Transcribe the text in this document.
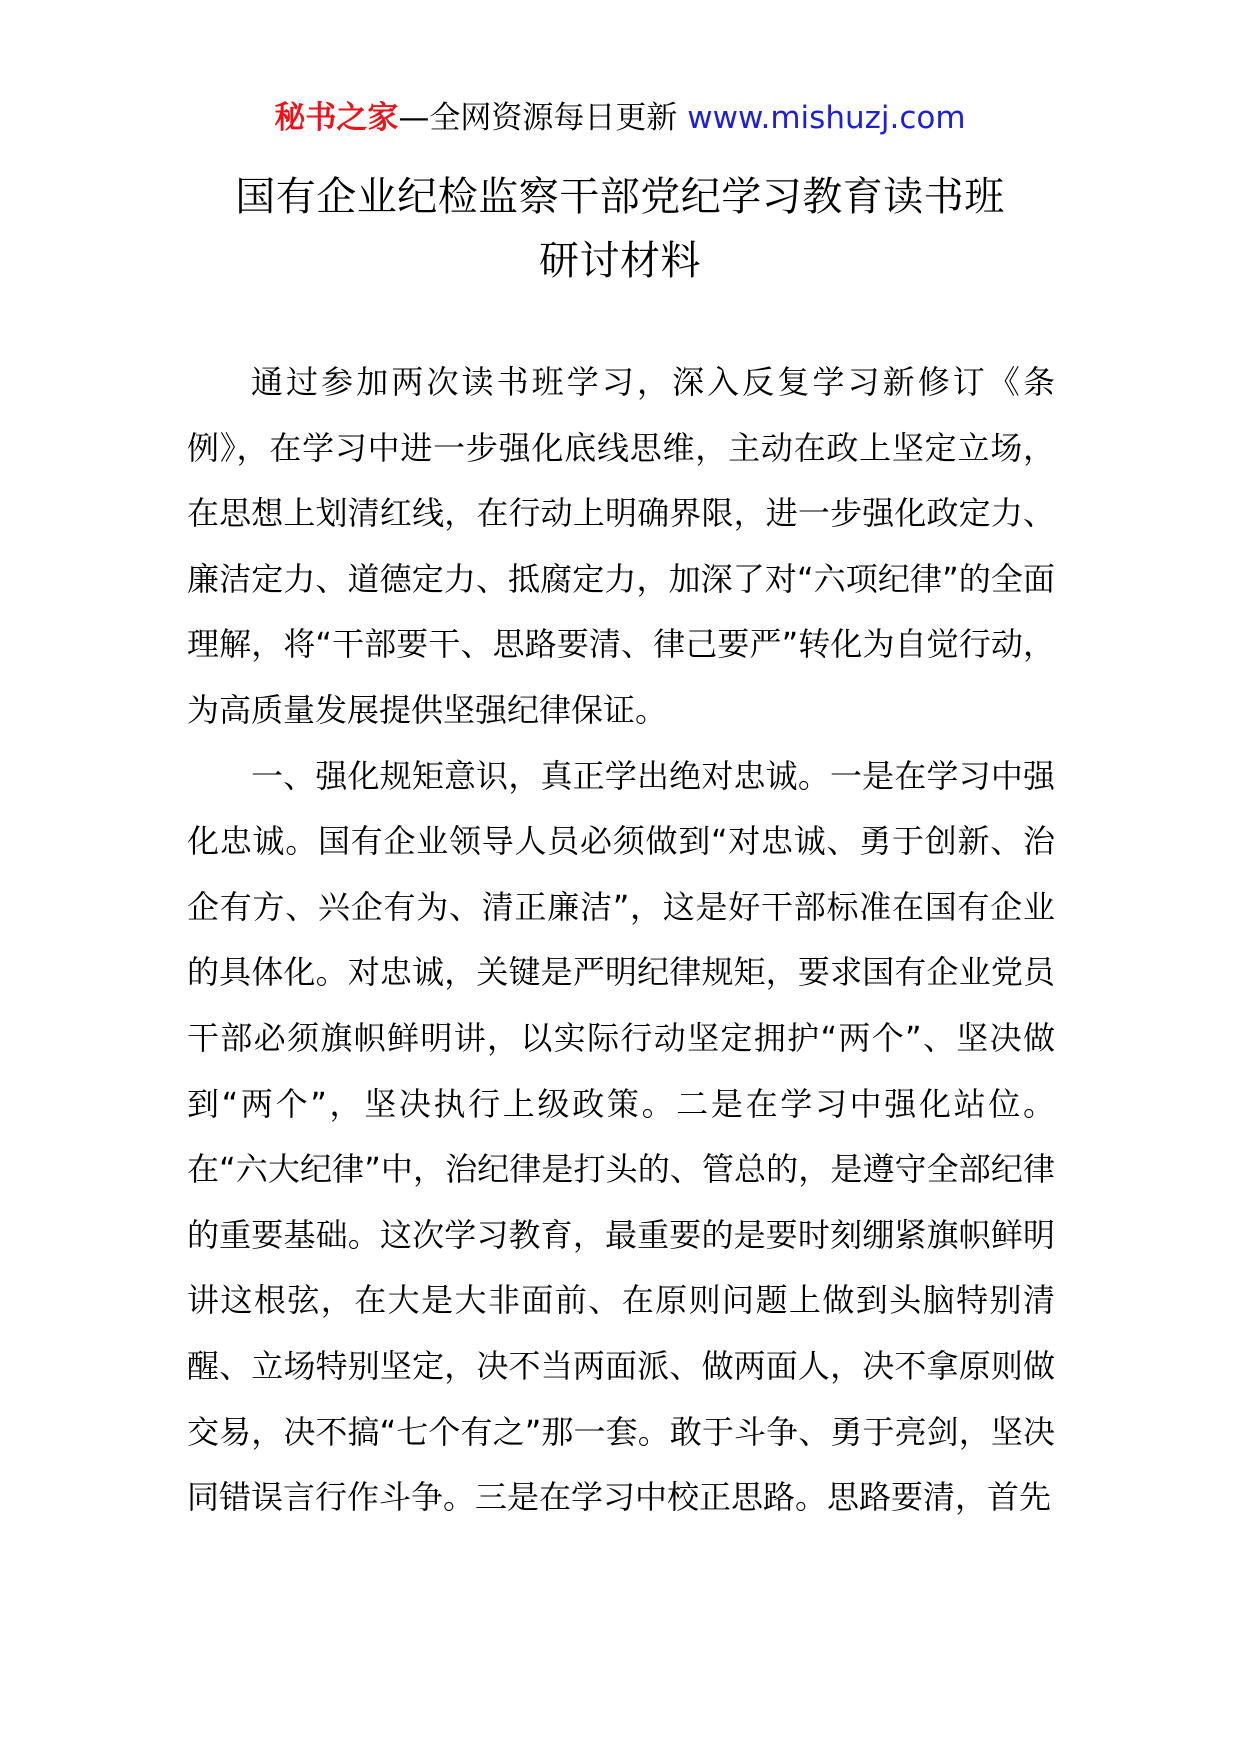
秘书之家—全网资源每日更新 www.mishuzj.com
国有企业纪检监察干部党纪学习教育读书班
研讨材料

通过参加两次读书班学习，深入反复学习新修订《条例》，在学习中进一步强化底线思维，主动在政上坚定立场，在思想上划清红线，在行动上明确界限，进一步强化政定力、廉洁定力、道德定力、抵腐定力，加深了对“六项纪律”的全面理解，将“干部要干、思路要清、律己要严”转化为自觉行动，为高质量发展提供坚强纪律保证。

一、强化规矩意识，真正学出绝对忠诚。一是在学习中强化忠诚。国有企业领导人员必须做到“对忠诚、勇于创新、治企有方、兴企有为、清正廉洁”，这是好干部标准在国有企业的具体化。对忠诚，关键是严明纪律规矩，要求国有企业党员干部必须旗帜鲜明讲，以实际行动坚定拥护“两个”、坚决做到“两个”，坚决执行上级政策。二是在学习中强化站位。在“六大纪律”中，治纪律是打头的、管总的，是遵守全部纪律的重要基础。这次学习教育，最重要的是要时刻绷紧旗帜鲜明讲这根弦，在大是大非面前、在原则问题上做到头脑特别清醒、立场特别坚定，决不当两面派、做两面人，决不拿原则做交易，决不搞“七个有之”那一套。敢于斗争、勇于亮剑，坚决同错误言行作斗争。三是在学习中校正思路。思路要清，首先
